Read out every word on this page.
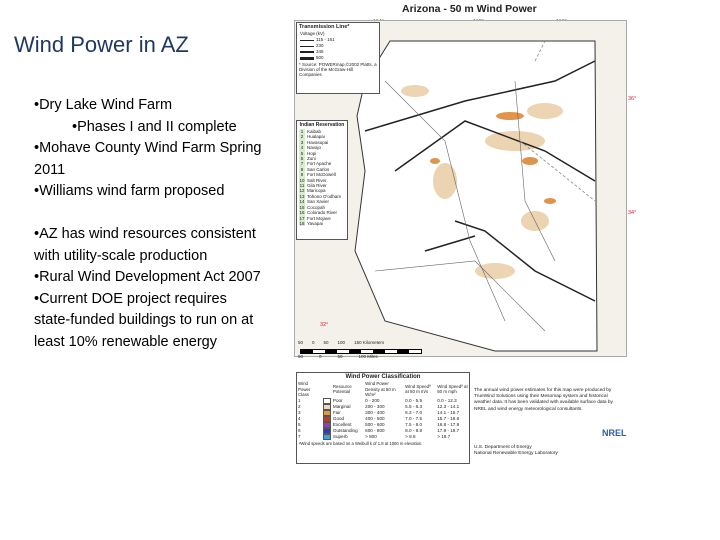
Wind Power in AZ

•Dry Lake Wind Farm

•Phases I and II complete

•Mohave County Wind Farm Spring 2011

•Williams wind farm proposed

•AZ has wind resources consistent with utility-scale production

•Rural Wind Development Act 2007

•Current DOE project requires state-funded buildings to run on at least 10% renewable energy

Arizona - 50 m Wind Power
36°
34°
32°
Transmission Line*
Voltage (kV)
115 - 161
230
345
500
* Source: POWERmap,©2002 Platts, a Division of the McGraw-Hill Companies
Indian Reservation
1 Kaibab
2 Hualapai
3 Havasupai
4 Navajo
5 Hopi
6 Zuni
7 Fort Apache
8 San Carlos
9 Fort McDowell
10 Salt River
11 Gila River
12 Maricopa
13 Tohono O'odham
14 San Xavier
15 Cocopah
16 Colorado River
17 Fort Mojave
18 Yavapai
50 0 50 100 150 Kilometers
50	0	50	100 Miles
Wind Power Classification
Wind Power Class		Resource Potential	Wind Power Density at 50 m W/m²	Wind Speedª at 50 m m/s	Wind Speedª at 50 m mph
1		Poor	0 - 200	0.0 - 5.5	0.0 - 12.3
2		Marginal	200 - 300	5.5 - 6.3	12.3 - 14.1
3		Fair	300 - 400	6.3 - 7.0	14.1 - 15.7
4		Good	400 - 500	7.0 - 7.5	15.7 - 16.8
5		Excellent	500 - 600	7.5 - 8.0	16.8 - 17.9
6		Outstanding	600 - 800	8.0 - 8.8	17.9 - 19.7
7		Superb	> 800	> 8.8	> 19.7
ªWind speeds are based on a Weibull k of 1.8 at 1000 m elevation.
The annual wind power estimates for this map were produced by TrueWind Solutions using their Mesomap system and historical weather data. It has been validated with available surface data by NREL and wind energy meteorological consultants.
NREL
U.S. Department of Energy
National Renewable Energy Laboratory
